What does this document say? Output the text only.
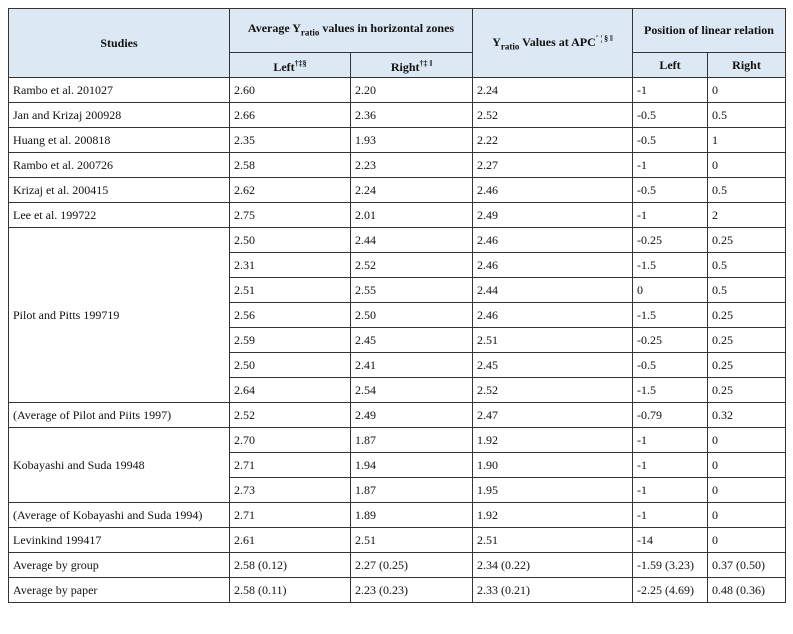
Studies	Average $Y_{ratio}$ values in horizontal zones		$Y_{ratio}$ Values at APC¨ ¦ § ‖	Position of linear relation	
	Left†‡§	Right†‡ ‖		Left	Right
Rambo et al. 201027	2.60	2.20	2.24	-1	0
Jan and Krizaj 200928	2.66	2.36	2.52	-0.5	0.5
Huang et al. 200818	2.35	1.93	2.22	-0.5	1
Rambo et al. 200726	2.58	2.23	2.27	-1	0
Krizaj et al. 200415	2.62	2.24	2.46	-0.5	0.5
Lee et al. 199722	2.75	2.01	2.49	-1	2
Pilot and Pitts 199719	2.50	2.44	2.46	-0.25	0.25
	2.31	2.52	2.46	-1.5	0.5
	2.51	2.55	2.44	0	0.5
	2.56	2.50	2.46	-1.5	0.25
	2.59	2.45	2.51	-0.25	0.25
	2.50	2.41	2.45	-0.5	0.25
	2.64	2.54	2.52	-1.5	0.25
(Average of Pilot and Piits 1997)	2.52	2.49	2.47	-0.79	0.32
Kobayashi and Suda 19948	2.70	1.87	1.92	-1	0
	2.71	1.94	1.90	-1	0
	2.73	1.87	1.95	-1	0
(Average of Kobayashi and Suda 1994)	2.71	1.89	1.92	-1	0
Levinkind 199417	2.61	2.51	2.51	-14	0
Average by group	2.58 (0.12)	2.27 (0.25)	2.34 (0.22)	-1.59 (3.23)	0.37 (0.50)
Average by paper	2.58 (0.11)	2.23 (0.23)	2.33 (0.21)	-2.25 (4.69)	0.48 (0.36)
